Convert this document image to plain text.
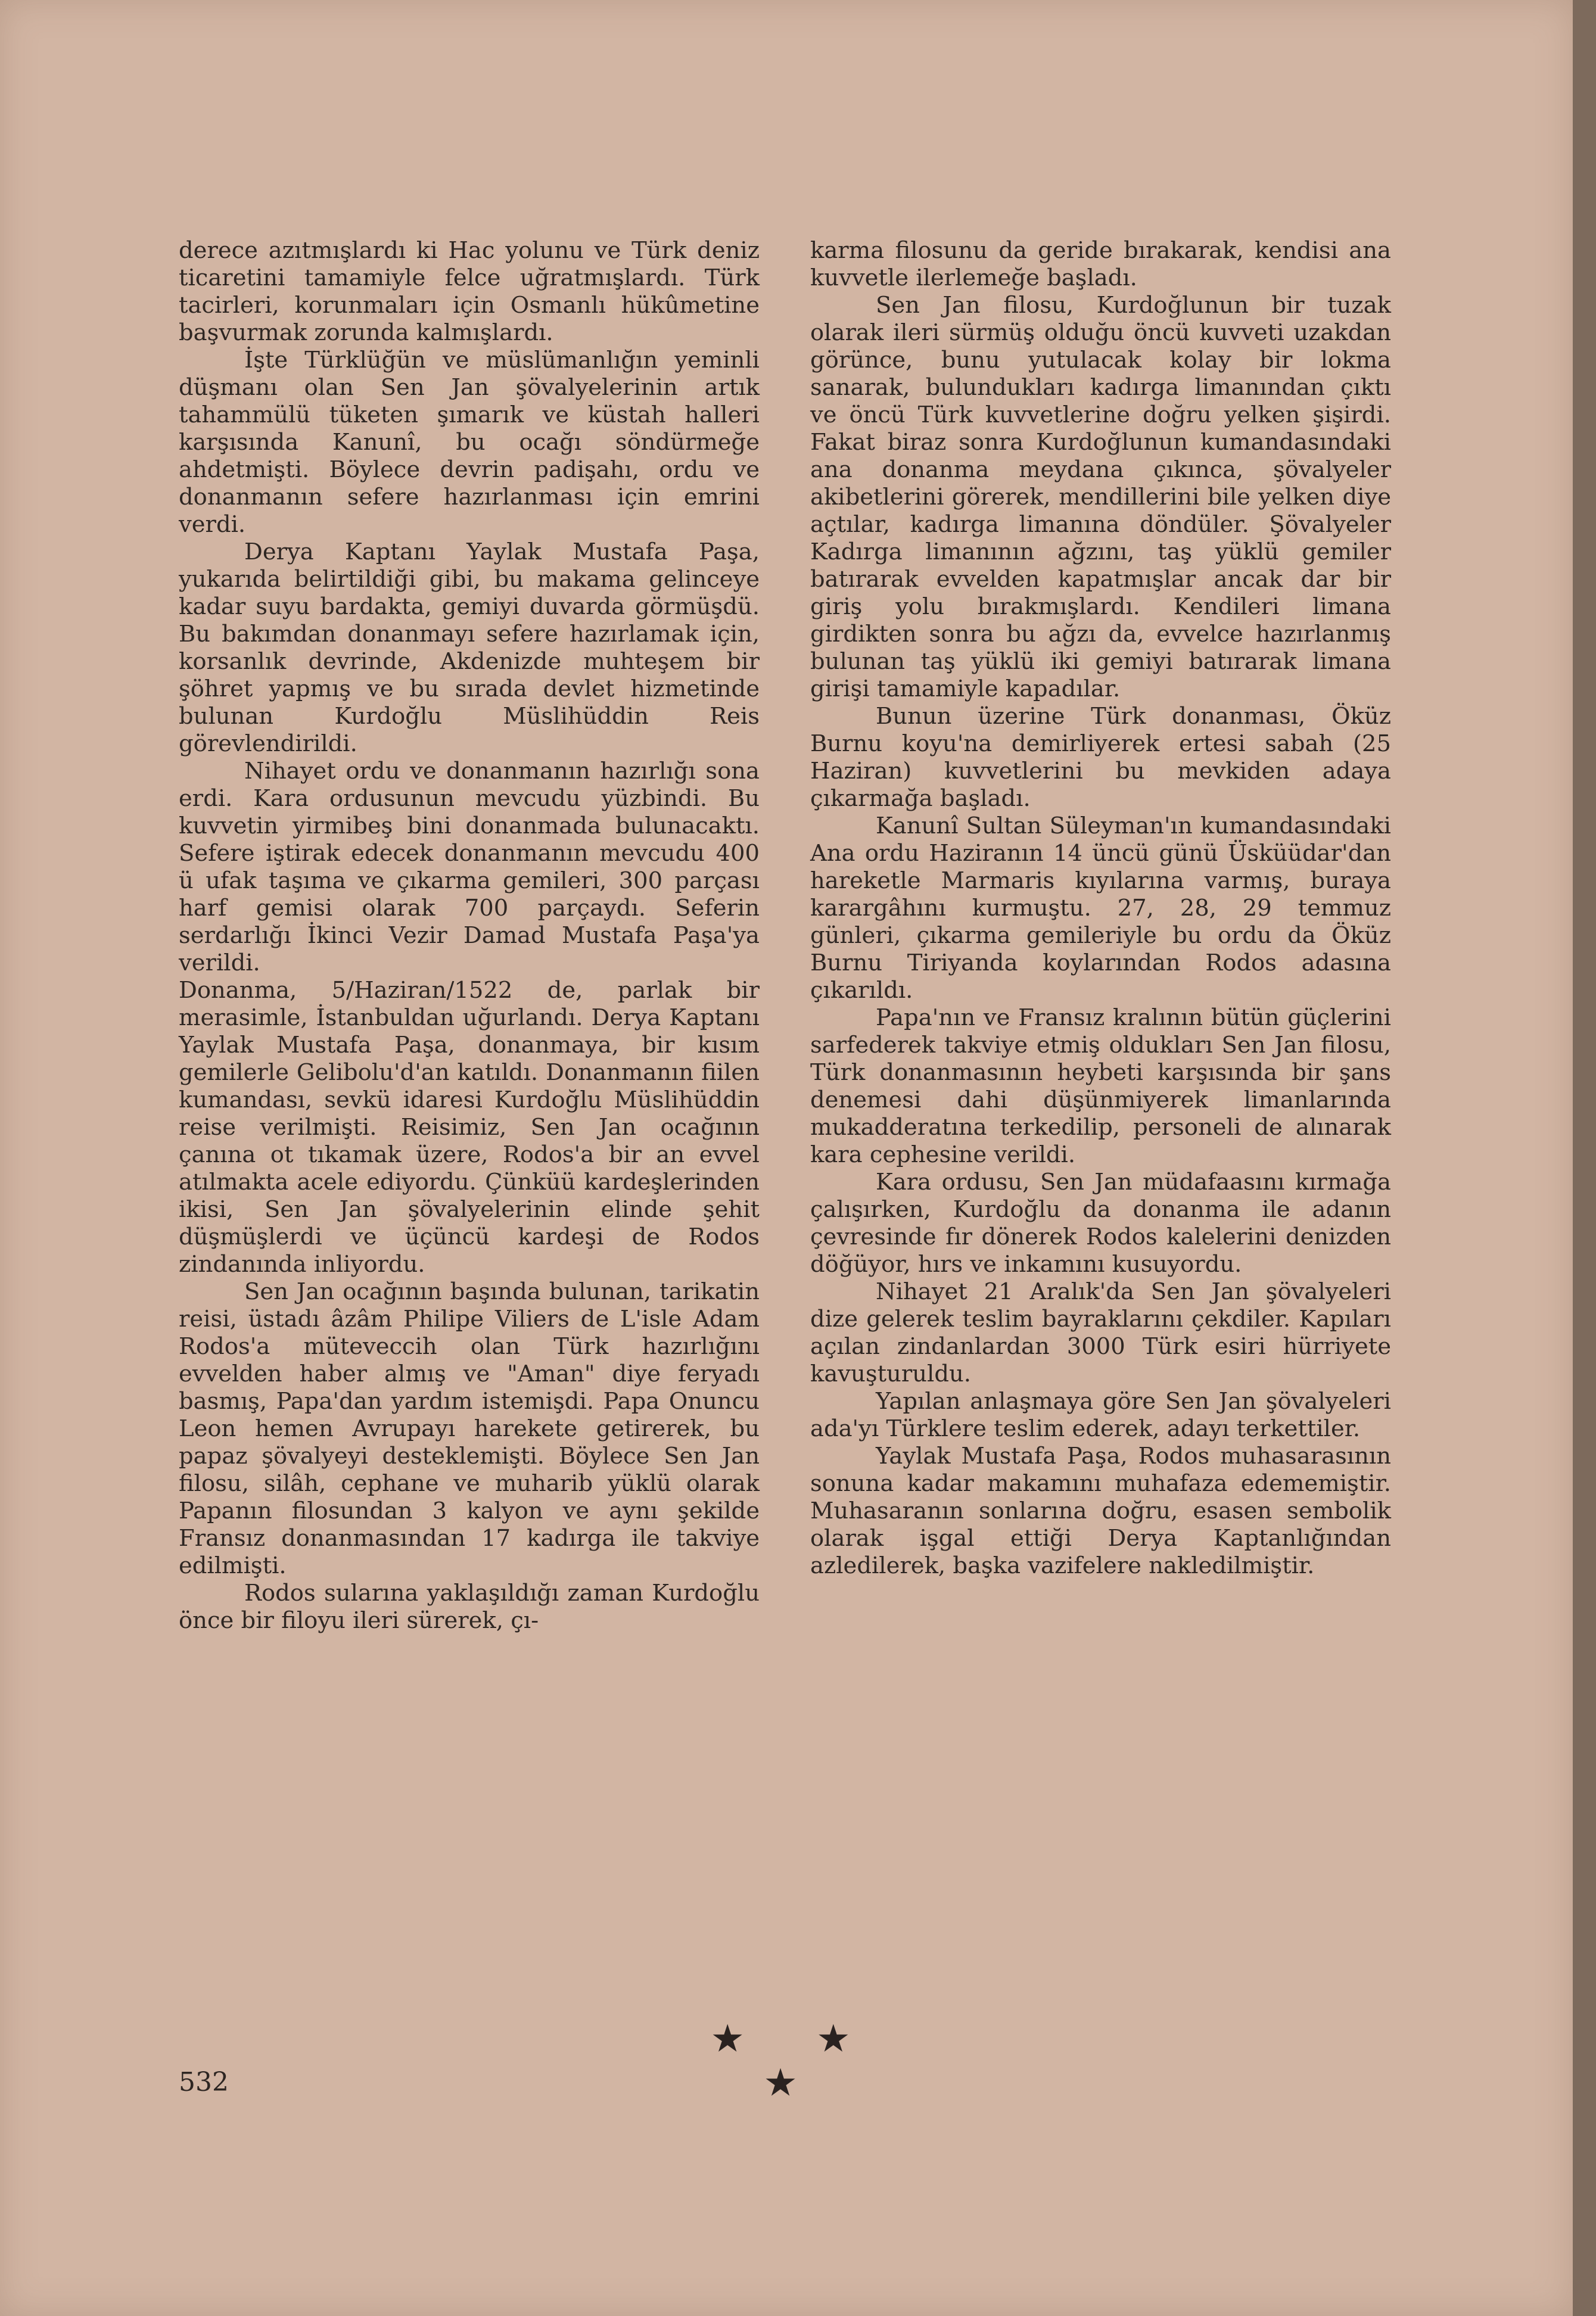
derece azıtmışlardı ki Hac yolunu ve Türk deniz ticaretini tamamiyle felce uğratmışlardı. Türk tacirleri, korunmaları için Osmanlı hükûmetine başvurmak zorunda kalmışlardı.

İşte Türklüğün ve müslümanlığın yeminli düşmanı olan Sen Jan şövalyelerinin artık tahammülü tüketen şımarık ve küstah halleri karşısında Kanunî, bu ocağı söndürmeğe ahdetmişti. Böylece devrin padişahı, ordu ve donanmanın sefere hazırlanması için emrini verdi.

Derya Kaptanı Yaylak Mustafa Paşa, yukarıda belirtildiği gibi, bu makama gelinceye kadar suyu bardakta, gemiyi duvarda görmüşdü. Bu bakımdan donanmayı sefere hazırlamak için, korsanlık devrinde, Akdenizde muhteşem bir şöhret yapmış ve bu sırada devlet hizmetinde bulunan Kurdoğlu Müslihüddin Reis görevlendirildi.

Nihayet ordu ve donanmanın hazırlığı sona erdi. Kara ordusunun mevcudu yüzbindi. Bu kuvvetin yirmibeş bini donanmada bulunacaktı. Sefere iştirak edecek donanmanın mevcudu 400 ü ufak taşıma ve çıkarma gemileri, 300 parçası harf gemisi olarak 700 parçaydı. Seferin serdarlığı İkinci Vezir Damad Mustafa Paşa'ya verildi.

Donanma, 5/Haziran/1522 de, parlak bir merasimle, İstanbuldan uğurlandı. Derya Kaptanı Yaylak Mustafa Paşa, donanmaya, bir kısım gemilerle Gelibolu'd'an katıldı. Donanmanın fiilen kumandası, sevkü idaresi Kurdoğlu Müslihüddin reise verilmişti. Reisimiz, Sen Jan ocağının çanına ot tıkamak üzere, Rodos'a bir an evvel atılmakta acele ediyordu. Çünküü kardeşlerinden ikisi, Sen Jan şövalyelerinin elinde şehit düşmüşlerdi ve üçüncü kardeşi de Rodos zindanında inliyordu.

Sen Jan ocağının başında bulunan, tarikatin reisi, üstadı âzâm Philipe Viliers de L'isle Adam Rodos'a müteveccih olan Türk hazırlığını evvelden haber almış ve "Aman" diye feryadı basmış, Papa'dan yardım istemişdi. Papa Onuncu Leon hemen Avrupayı harekete getirerek, bu papaz şövalyeyi desteklemişti. Böylece Sen Jan filosu, silâh, cephane ve muharib yüklü olarak Papanın filosundan 3 kalyon ve aynı şekilde Fransız donanmasından 17 kadırga ile takviye edilmişti.

Rodos sularına yaklaşıldığı zaman Kurdoğlu önce bir filoyu ileri sürerek, çı-

karma filosunu da geride bırakarak, kendisi ana kuvvetle ilerlemeğe başladı.

Sen Jan filosu, Kurdoğlunun bir tuzak olarak ileri sürmüş olduğu öncü kuvveti uzakdan görünce, bunu yutulacak kolay bir lokma sanarak, bulundukları kadırga limanından çıktı ve öncü Türk kuvvetlerine doğru yelken şişirdi. Fakat biraz sonra Kurdoğlunun kumandasındaki ana donanma meydana çıkınca, şövalyeler akibetlerini görerek, mendillerini bile yelken diye açtılar, kadırga limanına döndüler. Şövalyeler Kadırga limanının ağzını, taş yüklü gemiler batırarak evvelden kapatmışlar ancak dar bir giriş yolu bırakmışlardı. Kendileri limana girdikten sonra bu ağzı da, evvelce hazırlanmış bulunan taş yüklü iki gemiyi batırarak limana girişi tamamiyle kapadılar.

Bunun üzerine Türk donanması, Öküz Burnu koyu'na demirliyerek ertesi sabah (25 Haziran) kuvvetlerini bu mevkiden adaya çıkarmağa başladı.

Kanunî Sultan Süleyman'ın kumandasındaki Ana ordu Haziranın 14 üncü günü Üsküüdar'dan hareketle Marmaris kıyılarına varmış, buraya karargâhını kurmuştu. 27, 28, 29 temmuz günleri, çıkarma gemileriyle bu ordu da Öküz Burnu Tiriyanda koylarından Rodos adasına çıkarıldı.

Papa'nın ve Fransız kralının bütün güçlerini sarfederek takviye etmiş oldukları Sen Jan filosu, Türk donanmasının heybeti karşısında bir şans denemesi dahi düşünmiyerek limanlarında mukadderatına terkedilip, personeli de alınarak kara cephesine verildi.

Kara ordusu, Sen Jan müdafaasını kırmağa çalışırken, Kurdoğlu da donanma ile adanın çevresinde fır dönerek Rodos kalelerini denizden döğüyor, hırs ve inkamını kusuyordu.

Nihayet 21 Aralık'da Sen Jan şövalyeleri dize gelerek teslim bayraklarını çekdiler. Kapıları açılan zindanlardan 3000 Türk esiri hürriyete kavuşturuldu.

Yapılan anlaşmaya göre Sen Jan şövalyeleri ada'yı Türklere teslim ederek, adayı terkettiler.

Yaylak Mustafa Paşa, Rodos muhasarasının sonuna kadar makamını muhafaza edememiştir. Muhasaranın sonlarına doğru, esasen sembolik olarak işgal ettiği Derya Kaptanlığından azledilerek, başka vazifelere nakledilmiştir.

★ ★ ★
532
